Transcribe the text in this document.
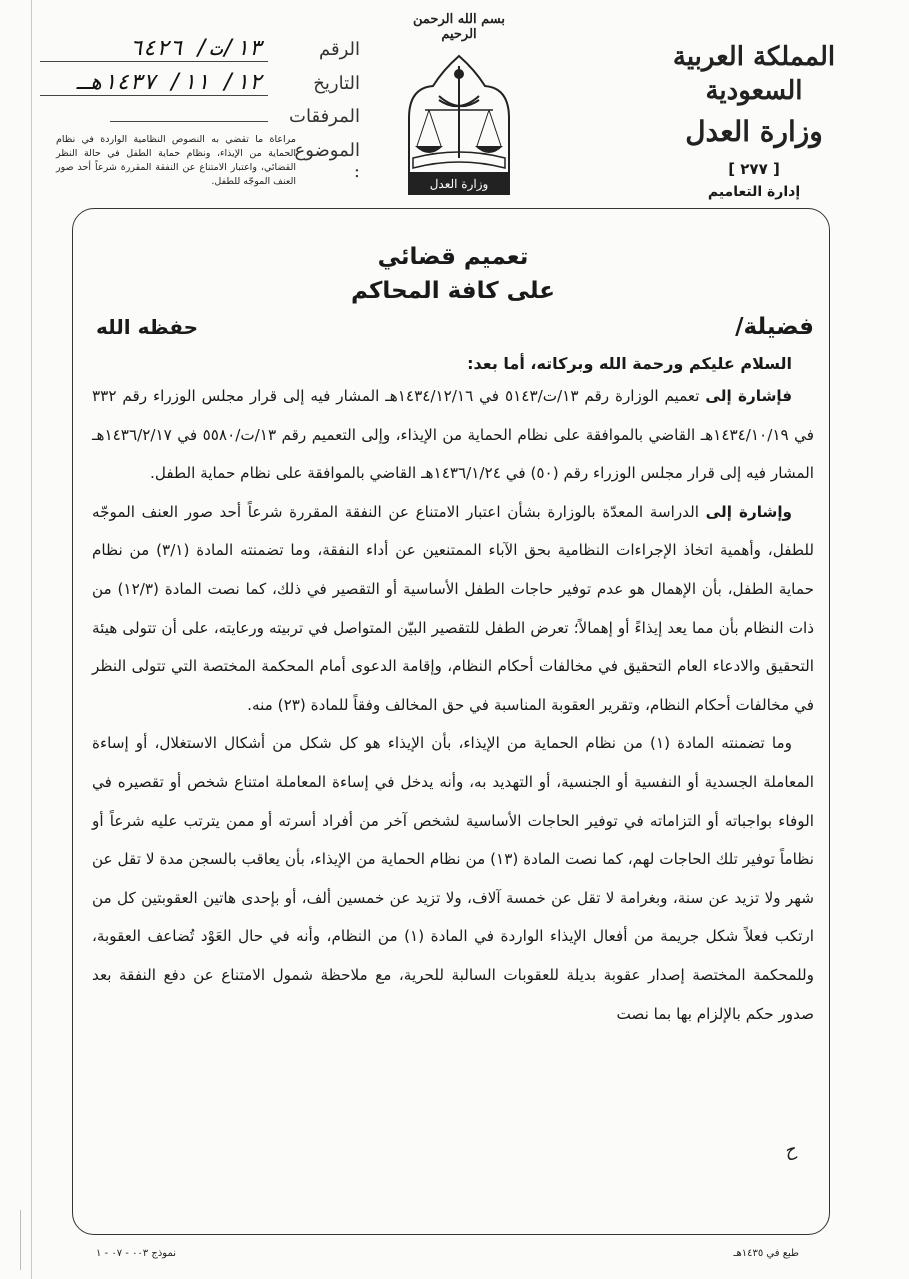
المملكة العربية السعودية
وزارة العدل
[ ٢٧٧ ]
إدارة التعاميم
بسم الله الرحمن الرحيم
وزارة العدل
الرقم
١٣/ت/ ٦٤٢٦
التاريخ
١٢/ ١١/ ١٤٣٧هـ
المرفقات
الموضوع :
مراعاة ما تقضي به النصوص النظامية الواردة في نظام الحماية من الإيذاء، ونظام حماية الطفل في حالة النظر القضائي، واعتبار الامتناع عن النفقة المقررة شرعاً أحد صور العنف الموجّه للطفل.
تعميم قضائي
على كافة المحاكم
فضيلة/
حفظه الله
السلام عليكم ورحمة الله وبركاته، أما بعد:

فإشارة إلى تعميم الوزارة رقم ١٣/ت/٥١٤٣ في ١٤٣٤/١٢/١٦هـ المشار فيه إلى قرار مجلس الوزراء رقم ٣٣٢ في ١٤٣٤/١٠/١٩هـ القاضي بالموافقة على نظام الحماية من الإيذاء، وإلى التعميم رقم ١٣/ت/٥٥٨٠ في ١٤٣٦/٢/١٧هـ المشار فيه إلى قرار مجلس الوزراء رقم (٥٠) في ١٤٣٦/١/٢٤هـ القاضي بالموافقة على نظام حماية الطفل.

وإشارة إلى الدراسة المعدّة بالوزارة بشأن اعتبار الامتناع عن النفقة المقررة شرعاً أحد صور العنف الموجّه للطفل، وأهمية اتخاذ الإجراءات النظامية بحق الآباء الممتنعين عن أداء النفقة، وما تضمنته المادة (٣/١) من نظام حماية الطفل، بأن الإهمال هو عدم توفير حاجات الطفل الأساسية أو التقصير في ذلك، كما نصت المادة (١٢/٣) من ذات النظام بأن مما يعد إيذاءً أو إهمالاً؛ تعرض الطفل للتقصير البيّن المتواصل في تربيته ورعايته، على أن تتولى هيئة التحقيق والادعاء العام التحقيق في مخالفات أحكام النظام، وإقامة الدعوى أمام المحكمة المختصة التي تتولى النظر في مخالفات أحكام النظام، وتقرير العقوبة المناسبة في حق المخالف وفقاً للمادة (٢٣) منه.

وما تضمنته المادة (١) من نظام الحماية من الإيذاء، بأن الإيذاء هو كل شكل من أشكال الاستغلال، أو إساءة المعاملة الجسدية أو النفسية أو الجنسية، أو التهديد به، وأنه يدخل في إساءة المعاملة امتناع شخص أو تقصيره في الوفاء بواجباته أو التزاماته في توفير الحاجات الأساسية لشخص آخر من أفراد أسرته أو ممن يترتب عليه شرعاً أو نظاماً توفير تلك الحاجات لهم، كما نصت المادة (١٣) من نظام الحماية من الإيذاء، بأن يعاقب بالسجن مدة لا تقل عن شهر ولا تزيد عن سنة، وبغرامة لا تقل عن خمسة آلاف، ولا تزيد عن خمسين ألف، أو بإحدى هاتين العقوبتين كل من ارتكب فعلاً شكل جريمة من أفعال الإيذاء الواردة في المادة (١) من النظام، وأنه في حال العَوْد تُضاعف العقوبة، وللمحكمة المختصة إصدار عقوبة بديلة للعقوبات السالبة للحرية، مع ملاحظة شمول الامتناع عن دفع النفقة بعد صدور حكم بالإلزام بها بما نصت

ح
طبع في ١٤٣٥هـ
نموذج ٠٠٣ - ٠٧ - ١
